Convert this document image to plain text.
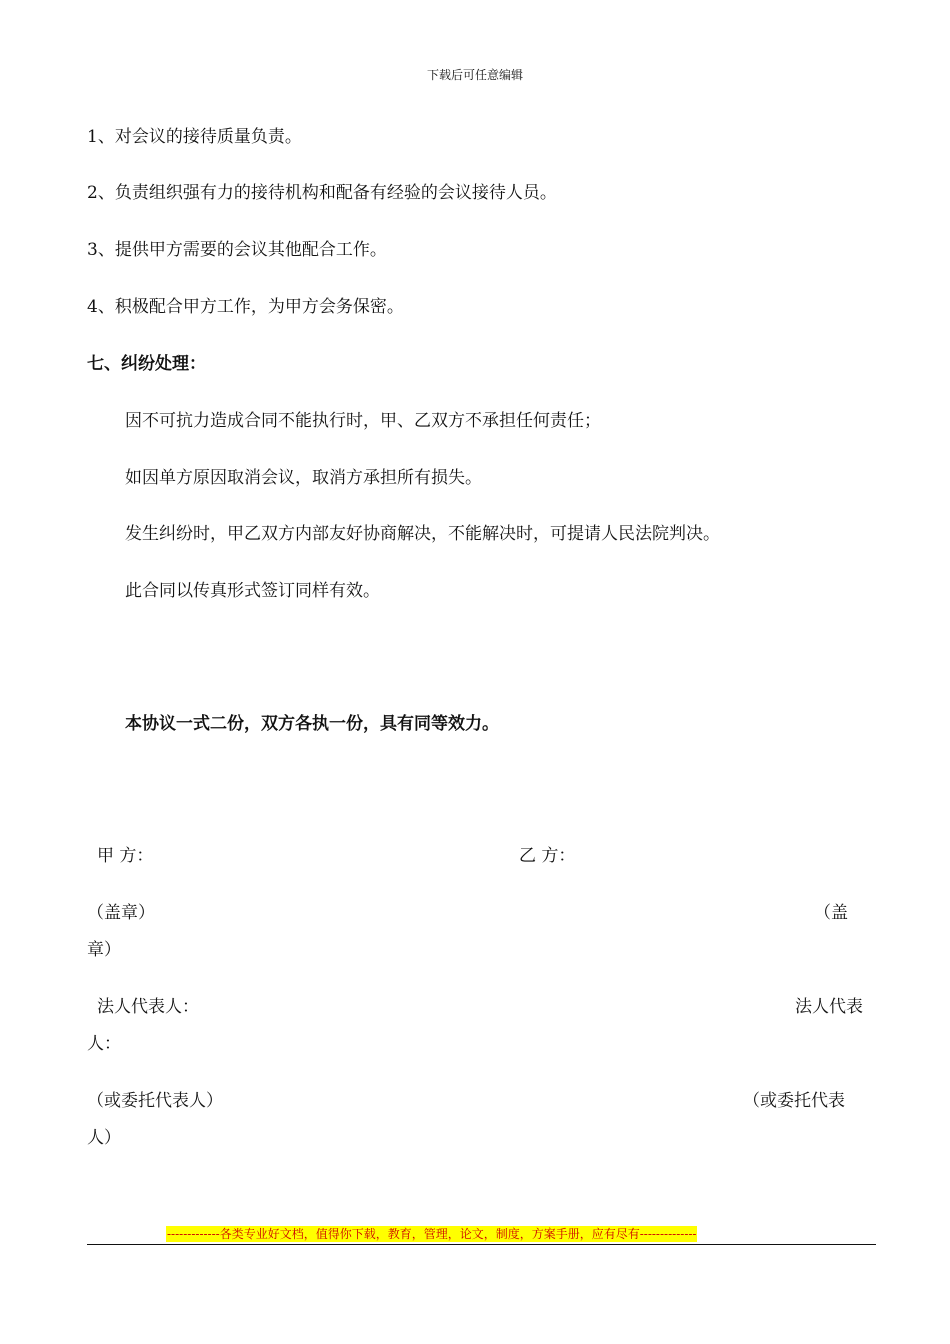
下载后可任意编辑
1、对会议的接待质量负责。
2、负责组织强有力的接待机构和配备有经验的会议接待人员。
3、提供甲方需要的会议其他配合工作。
4、积极配合甲方工作，为甲方会务保密。
七、纠纷处理：
因不可抗力造成合同不能执行时，甲、乙双方不承担任何责任；
如因单方原因取消会议，取消方承担所有损失。
发生纠纷时，甲乙双方内部友好协商解决，不能解决时，可提请人民法院判决。
此合同以传真形式签订同样有效。
本协议一式二份，双方各执一份，具有同等效力。
甲 方：	乙 方：
（盖章）	（盖
章）
法人代表人：	法人代表
人：
（或委托代表人）	（或委托代表
人）
-------------各类专业好文档，值得你下载，教育，管理，论文，制度，方案手册，应有尽有--------------
